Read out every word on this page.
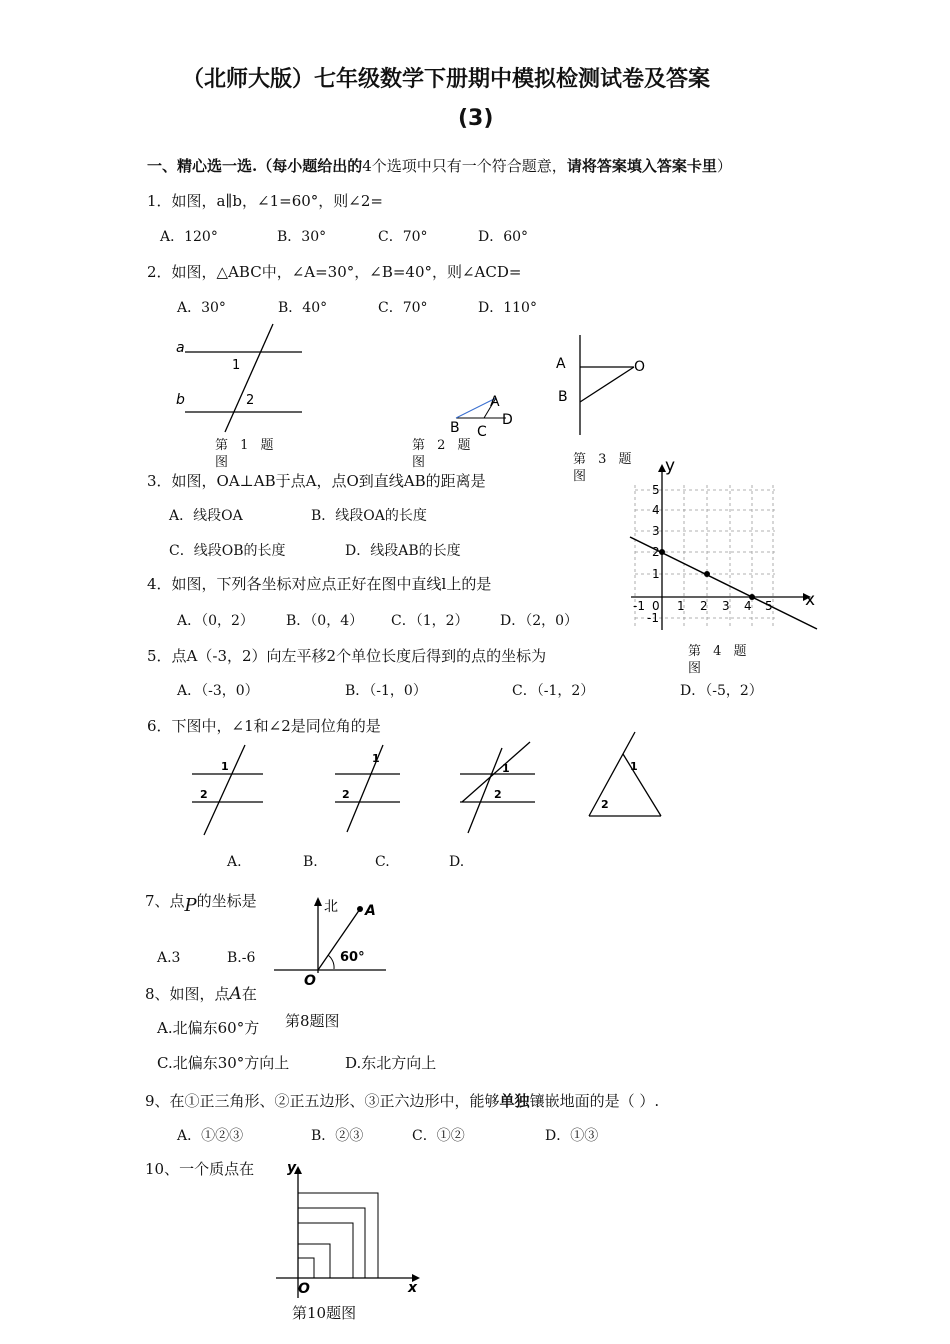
（北师大版）七年级数学下册期中模拟检测试卷及答案
(3)
一、精心选一选.（每小题给出的4个选项中只有一个符合题意，请将答案填入答案卡里）
1．如图，a∥b，∠1=60°，则∠2=
A．120°	B．30°	C．70°	D．60°
2．如图，△ABC中，∠A=30°，∠B=40°，则∠ACD=
A．30°	B．40°	C．70°	D．110°
a
b
1
2
第 1 题图
A
B C
D
第 2 题图
A
B
O
第 3 题图
3．如图，OA⊥AB于点A，点O到直线AB的距离是
A．线段OA	B．线段OA的长度
C．线段OB的长度	D．线段AB的长度
y
x
0
-1	1 2 3 4 5
5
4
3
2
1
-1
第 4 题图
4．如图，下列各坐标对应点正好在图中直线l上的是
A．（0，2） B．（0，4） C．（1，2） D．（2，0）
5．点A（-3，2）向左平移2个单位长度后得到的点的坐标为
A．（-3，0）	B．（-1，0）	C．（-1，2）	D．（-5，2）
6．下图中，∠1和∠2是同位角的是
1
2
1
2
1
2
1
2
A.	B.	C.	D.
7、点P的坐标是
A.3	B.-6
8、如图，点A在
A.北偏东60°方
C.北偏东30°方向上	D.东北方向上
北 A
O
60°
第8题图
9、在①正三角形、②正五边形、③正六边形中，能够单独镶嵌地面的是（ ）.
A．①②③	B．②③	C．①②	D．①③
10、一个质点在 y
x
O
第10题图
